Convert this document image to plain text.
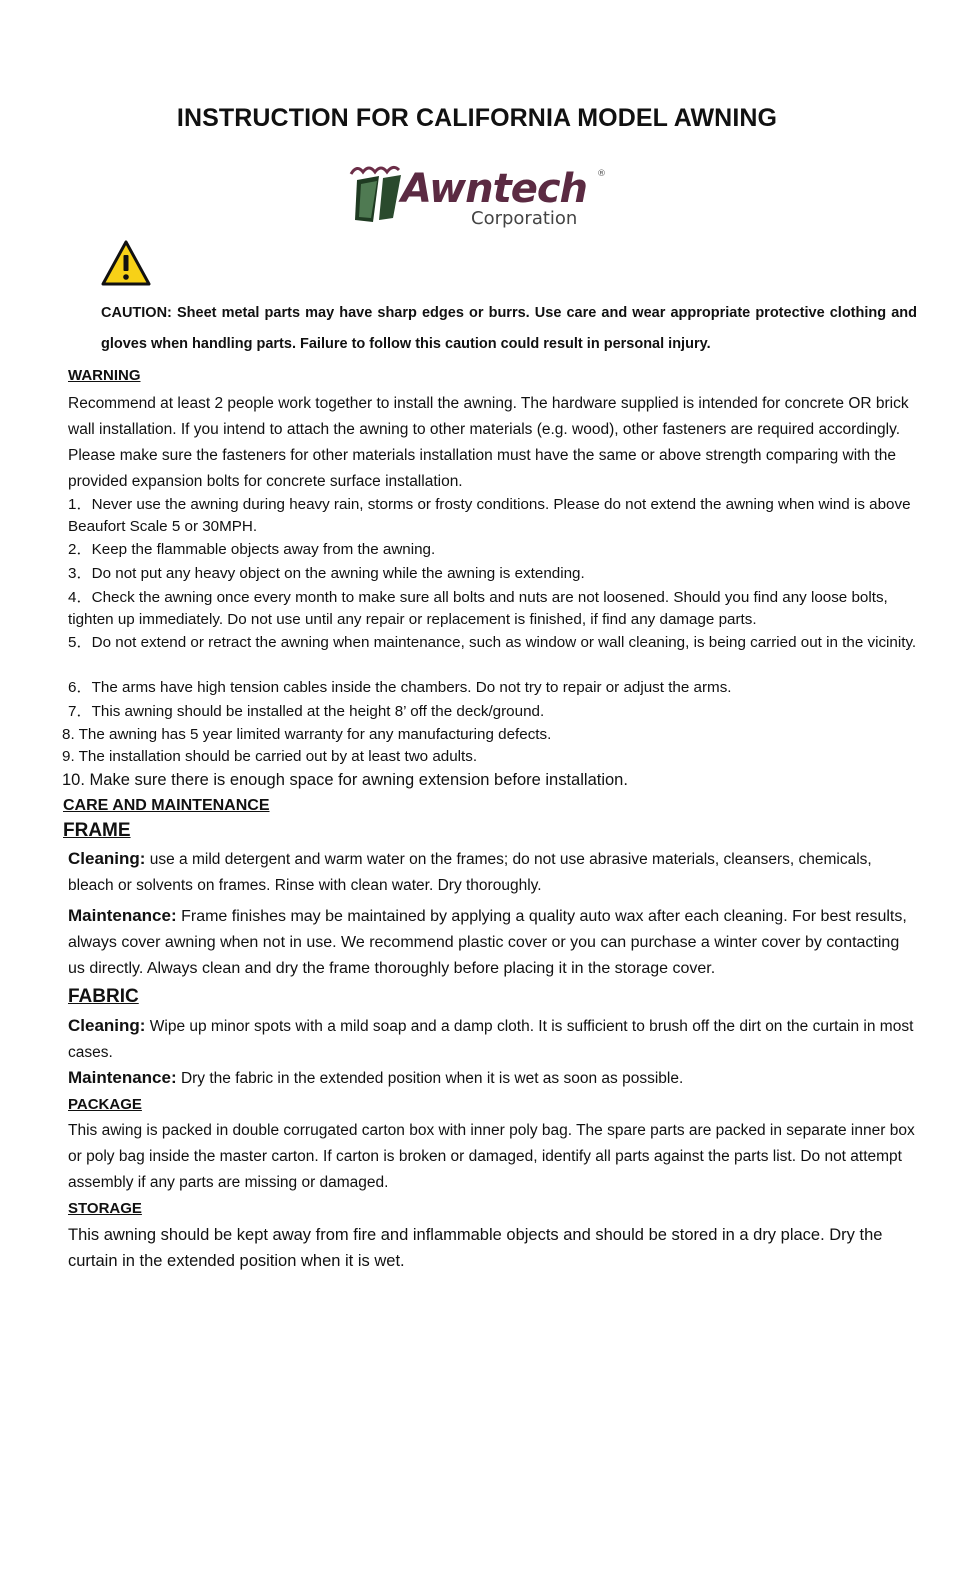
INSTRUCTION FOR CALIFORNIA MODEL AWNING
Awntech ®
Corporation
CAUTION: Sheet metal parts may have sharp edges or burrs. Use care and wear appropriate protective clothing and gloves when handling parts. Failure to follow this caution could result in personal injury.
WARNING
Recommend at least 2 people work together to install the awning. The hardware supplied is intended for concrete OR brick wall installation. If you intend to attach the awning to other materials (e.g. wood), other fasteners are required accordingly. Please make sure the fasteners for other materials installation must have the same or above strength comparing with the provided expansion bolts for concrete surface installation.
1．Never use the awning during heavy rain, storms or frosty conditions. Please do not extend the awning when wind is above Beaufort Scale 5 or 30MPH.
2．Keep the flammable objects away from the awning.
3．Do not put any heavy object on the awning while the awning is extending.
4．Check the awning once every month to make sure all bolts and nuts are not loosened. Should you find any loose bolts, tighten up immediately. Do not use until any repair or replacement is finished, if find any damage parts.
5．Do not extend or retract the awning when maintenance, such as window or wall cleaning, is being carried out in the vicinity.
6．The arms have high tension cables inside the chambers. Do not try to repair or adjust the arms.
7．This awning should be installed at the height 8’ off the deck/ground.
8. The awning has 5 year limited warranty for any manufacturing defects.
9. The installation should be carried out by at least two adults.
10. Make sure there is enough space for awning extension before installation.
CARE AND MAINTENANCE
FRAME
Cleaning: use a mild detergent and warm water on the frames; do not use abrasive materials, cleansers, chemicals, bleach or solvents on frames. Rinse with clean water. Dry thoroughly.
Maintenance: Frame finishes may be maintained by applying a quality auto wax after each cleaning. For best results, always cover awning when not in use. We recommend plastic cover or you can purchase a winter cover by contacting us directly. Always clean and dry the frame thoroughly before placing it in the storage cover.
FABRIC
Cleaning: Wipe up minor spots with a mild soap and a damp cloth. It is sufficient to brush off the dirt on the curtain in most cases.
Maintenance: Dry the fabric in the extended position when it is wet as soon as possible.
PACKAGE
This awing is packed in double corrugated carton box with inner poly bag. The spare parts are packed in separate inner box or poly bag inside the master carton. If carton is broken or damaged, identify all parts against the parts list. Do not attempt assembly if any parts are missing or damaged.
STORAGE
This awning should be kept away from fire and inflammable objects and should be stored in a dry place. Dry the curtain in the extended position when it is wet.
